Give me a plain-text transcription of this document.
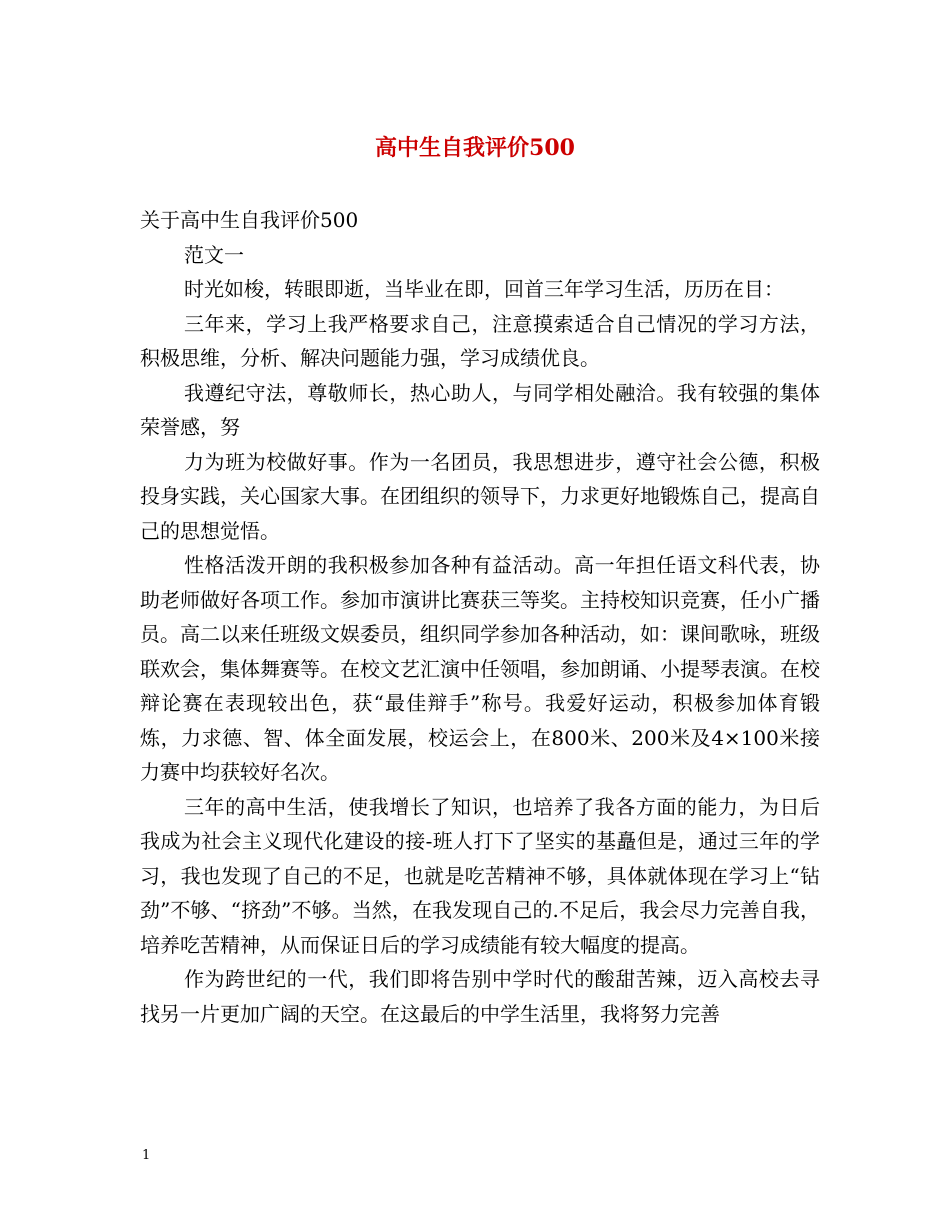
高中生自我评价500

关于高中生自我评价500

范文一

时光如梭，转眼即逝，当毕业在即，回首三年学习生活，历历在目：

三年来，学习上我严格要求自己，注意摸索适合自己情况的学习方法，积极思维，分析、解决问题能力强，学习成绩优良。

我遵纪守法，尊敬师长，热心助人，与同学相处融洽。我有较强的集体荣誉感，努

力为班为校做好事。作为一名团员，我思想进步，遵守社会公德，积极投身实践，关心国家大事。在团组织的领导下，力求更好地锻炼自己，提高自己的思想觉悟。

性格活泼开朗的我积极参加各种有益活动。高一年担任语文科代表，协助老师做好各项工作。参加市演讲比赛获三等奖。主持校知识竞赛，任小广播员。高二以来任班级文娱委员，组织同学参加各种活动，如：课间歌咏，班级联欢会，集体舞赛等。在校文艺汇演中任领唱，参加朗诵、小提琴表演。在校辩论赛在表现较出色，获“最佳辩手”称号。我爱好运动，积极参加体育锻炼，力求德、智、体全面发展，校运会上，在800米、200米及4×100米接力赛中均获较好名次。

三年的高中生活，使我增长了知识，也培养了我各方面的能力，为日后我成为社会主义现代化建设的接-班人打下了坚实的基矗但是，通过三年的学习，我也发现了自己的不足，也就是吃苦精神不够，具体就体现在学习上“钻劲”不够、“挤劲”不够。当然，在我发现自己的.不足后，我会尽力完善自我，培养吃苦精神，从而保证日后的学习成绩能有较大幅度的提高。

作为跨世纪的一代，我们即将告别中学时代的酸甜苦辣，迈入高校去寻找另一片更加广阔的天空。在这最后的中学生活里，我将努力完善

1
